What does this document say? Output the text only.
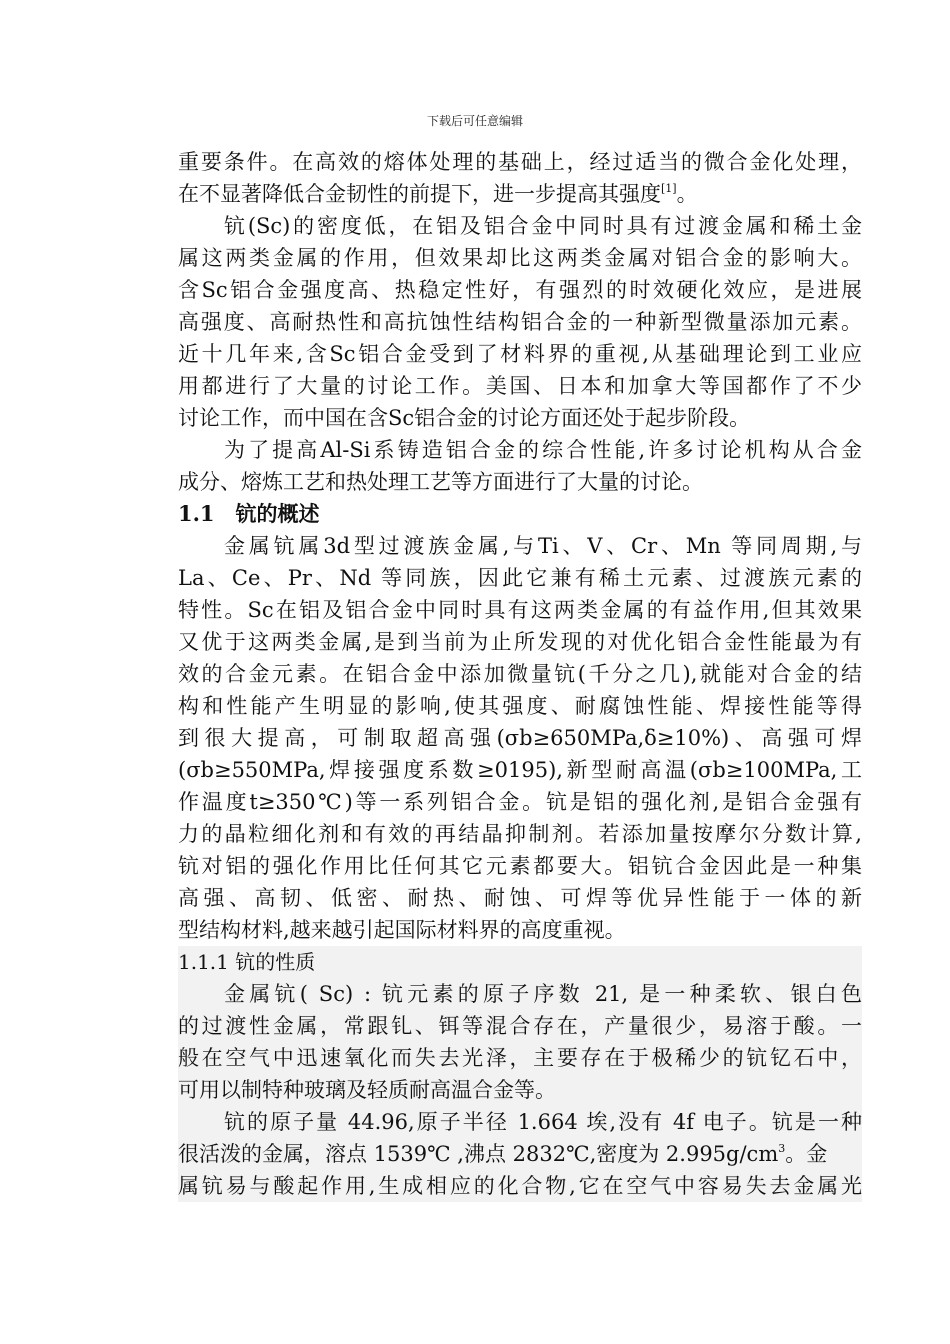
下载后可任意编辑
重要条件。在高效的熔体处理的基础上，经过适当的微合金化处理，
在不显著降低合金韧性的前提下，进一步提高其强度[1]。
钪(Sc)的密度低，在铝及铝合金中同时具有过渡金属和稀土金
属这两类金属的作用，但效果却比这两类金属对铝合金的影响大。
含Sc铝合金强度高、热稳定性好，有强烈的时效硬化效应，是进展
高强度、高耐热性和高抗蚀性结构铝合金的一种新型微量添加元素。
近十几年来,含Sc铝合金受到了材料界的重视,从基础理论到工业应
用都进行了大量的讨论工作。美国、日本和加拿大等国都作了不少
讨论工作，而中国在含Sc铝合金的讨论方面还处于起步阶段。
为了提高Al-Si系铸造铝合金的综合性能,许多讨论机构从合金
成分、熔炼工艺和热处理工艺等方面进行了大量的讨论。
1.1　钪的概述
金属钪属3d型过渡族金属,与Ti、V、Cr、Mn 等同周期,与
La、Ce、Pr、Nd 等同族，因此它兼有稀土元素、过渡族元素的
特性。Sc在铝及铝合金中同时具有这两类金属的有益作用,但其效果
又优于这两类金属,是到当前为止所发现的对优化铝合金性能最为有
效的合金元素。在铝合金中添加微量钪(千分之几),就能对合金的结
构和性能产生明显的影响,使其强度、耐腐蚀性能、焊接性能等得
到很大提高，可制取超高强(σb≥650MPa,δ≥10%)、高强可焊
(σb≥550MPa,焊接强度系数≥0195),新型耐高温(σb≥100MPa,工
作温度t≥350℃)等一系列铝合金。钪是铝的强化剂,是铝合金强有
力的晶粒细化剂和有效的再结晶抑制剂。若添加量按摩尔分数计算,
钪对铝的强化作用比任何其它元素都要大。铝钪合金因此是一种集
高强、高韧、低密、耐热、耐蚀、可焊等优异性能于一体的新
型结构材料,越来越引起国际材料界的高度重视。
1.1.1 钪的性质
金属钪( Sc) : 钪元素的原子序数 21, 是一种柔软、银白色
的过渡性金属，常跟钆、铒等混合存在，产量很少，易溶于酸。一
般在空气中迅速氧化而失去光泽，主要存在于极稀少的钪钇石中，
可用以制特种玻璃及轻质耐高温合金等。
钪的原子量 44.96,原子半径 1.664 埃,没有 4f 电子。钪是一种
很活泼的金属，溶点 1539℃ ,沸点 2832℃,密度为 $2.995g/cm^3$。金
属钪易与酸起作用,生成相应的化合物,它在空气中容易失去金属光
